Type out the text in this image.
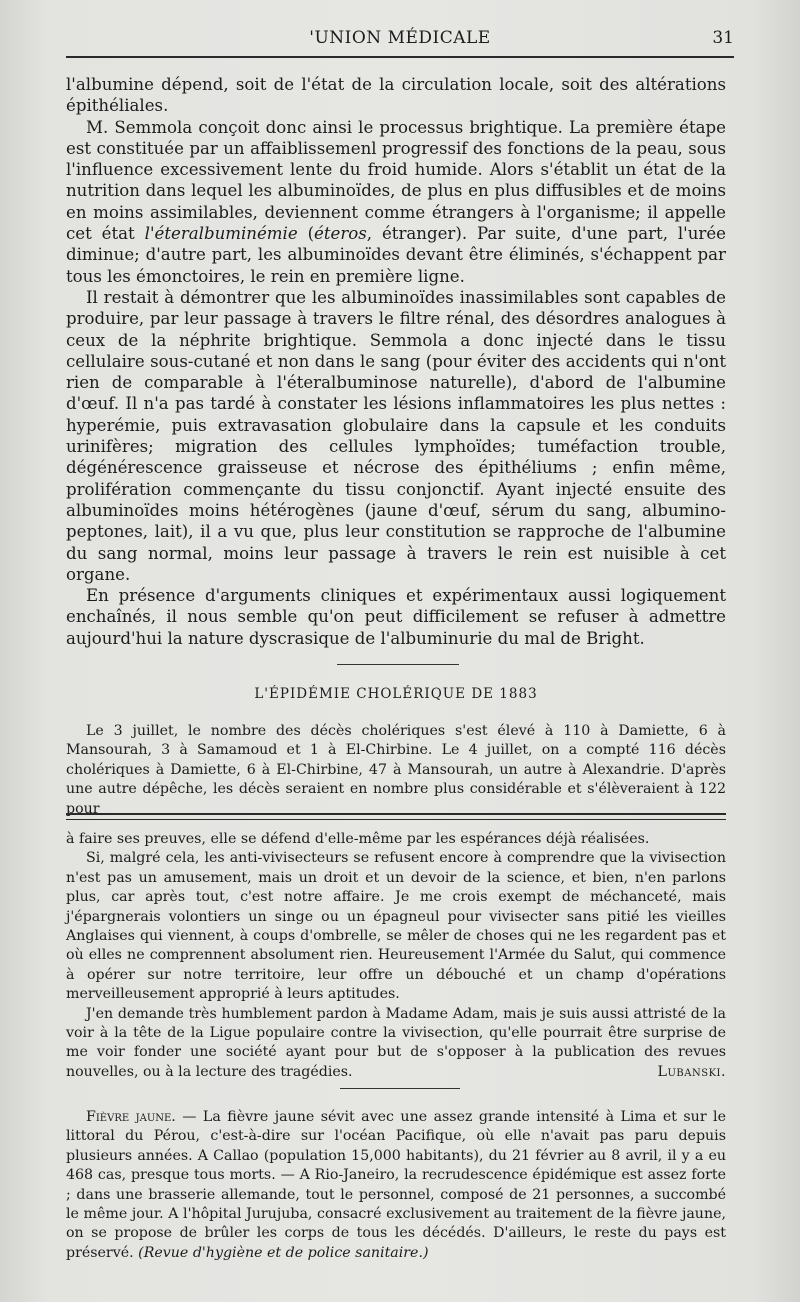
'UNION MÉDICALE	31

l'albumine dépend, soit de l'état de la circulation locale, soit des altérations épithéliales.

M. Semmola conçoit donc ainsi le processus brightique. La première étape est constituée par un affaiblissemenl progressif des fonctions de la peau, sous l'influence excessivement lente du froid humide. Alors s'établit un état de la nutrition dans lequel les albuminoïdes, de plus en plus diffusibles et de moins en moins assimilables, deviennent comme étrangers à l'organisme; il appelle cet état l'éteralbuminémie (éteros, étranger). Par suite, d'une part, l'urée diminue; d'autre part, les albuminoïdes devant être éliminés, s'échappent par tous les émonctoires, le rein en première ligne.

Il restait à démontrer que les albuminoïdes inassimilables sont capables de produire, par leur passage à travers le filtre rénal, des désordres analogues à ceux de la néphrite brightique. Semmola a donc injecté dans le tissu cellulaire sous-cutané et non dans le sang (pour éviter des accidents qui n'ont rien de comparable à l'éteralbuminose naturelle), d'abord de l'albumine d'œuf. Il n'a pas tardé à constater les lésions inflammatoires les plus nettes : hyperémie, puis extravasation globulaire dans la capsule et les conduits urinifères; migration des cellules lymphoïdes; tuméfaction trouble, dégénérescence graisseuse et nécrose des épithéliums ; enfin même, prolifération commençante du tissu conjonctif. Ayant injecté ensuite des albuminoïdes moins hétérogènes (jaune d'œuf, sérum du sang, albumino-peptones, lait), il a vu que, plus leur constitution se rapproche de l'albumine du sang normal, moins leur passage à travers le rein est nuisible à cet organe.

En présence d'arguments cliniques et expérimentaux aussi logiquement enchaînés, il nous semble qu'on peut difficilement se refuser à admettre aujourd'hui la nature dyscrasique de l'albuminurie du mal de Bright.

L'ÉPIDÉMIE CHOLÉRIQUE DE 1883

Le 3 juillet, le nombre des décès cholériques s'est élevé à 110 à Damiette, 6 à Mansourah, 3 à Samamoud et 1 à El-Chirbine. Le 4 juillet, on a compté 116 décès cholériques à Damiette, 6 à El-Chirbine, 47 à Mansourah, un autre à Alexandrie. D'après une autre dépêche, les décès seraient en nombre plus considérable et s'élèveraient à 122 pour

à faire ses preuves, elle se défend d'elle-même par les espérances déjà réalisées.

Si, malgré cela, les anti-vivisecteurs se refusent encore à comprendre que la vivisection n'est pas un amusement, mais un droit et un devoir de la science, et bien, n'en parlons plus, car après tout, c'est notre affaire. Je me crois exempt de méchanceté, mais j'épargnerais volontiers un singe ou un épagneul pour vivisecter sans pitié les vieilles Anglaises qui viennent, à coups d'ombrelle, se mêler de choses qui ne les regardent pas et où elles ne comprennent absolument rien. Heureusement l'Armée du Salut, qui commence à opérer sur notre territoire, leur offre un débouché et un champ d'opérations merveilleusement approprié à leurs aptitudes.

J'en demande très humblement pardon à Madame Adam, mais je suis aussi attristé de la voir à la tête de la Ligue populaire contre la vivisection, qu'elle pourrait être surprise de me voir fonder une société ayant pour but de s'opposer à la publication des revues nouvelles, ou à la lecture des tragédies.	Lubanski.

Fièvre jaune. — La fièvre jaune sévit avec une assez grande intensité à Lima et sur le littoral du Pérou, c'est-à-dire sur l'océan Pacifique, où elle n'avait pas paru depuis plusieurs années. A Callao (population 15,000 habitants), du 21 février au 8 avril, il y a eu 468 cas, presque tous morts. — A Rio-Janeiro, la recrudescence épidémique est assez forte ; dans une brasserie allemande, tout le personnel, composé de 21 personnes, a succombé le même jour. A l'hôpital Jurujuba, consacré exclusivement au traitement de la fièvre jaune, on se propose de brûler les corps de tous les décédés. D'ailleurs, le reste du pays est préservé. (Revue d'hygiène et de police sanitaire.)
